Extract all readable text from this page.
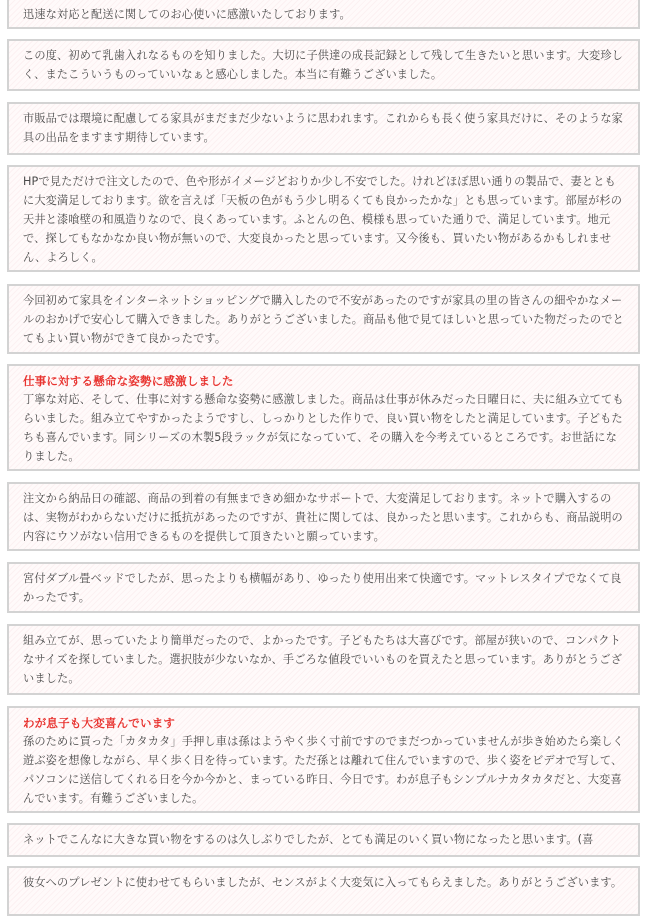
迅速な対応と配送に関してのお心使いに感激いたしております。
この度、初めて乳歯入れなるものを知りました。大切に子供達の成長記録として残して生きたいと思います。大変珍しく、またこういうものっていいなぁと感心しました。本当に有難うございました。
市販品では環境に配慮してる家具がまだまだ少ないように思われます。これからも長く使う家具だけに、そのような家具の出品をますます期待しています。
HPで見ただけで注文したので、色や形がイメージどおりか少し不安でした。けれどほぼ思い通りの製品で、妻とともに大変満足しております。欲を言えば「天板の色がもう少し明るくても良かったかな」とも思っています。部屋が杉の天井と漆喰壁の和風造りなので、良くあっています。ふとんの色、模様も思っていた通りで、満足しています。地元で、探してもなかなか良い物が無いので、大変良かったと思っています。又今後も、買いたい物があるかもしれません、よろしく。
今回初めて家具をインターネットショッピングで購入したので不安があったのですが家具の里の皆さんの細やかなメールのおかげで安心して購入できました。ありがとうございました。商品も他で見てほしいと思っていた物だったのでとてもよい買い物ができて良かったです。
仕事に対する懸命な姿勢に感激しました
丁寧な対応、そして、仕事に対する懸命な姿勢に感激しました。商品は仕事が休みだった日曜日に、夫に組み立ててもらいました。組み立てやすかったようですし、しっかりとした作りで、良い買い物をしたと満足しています。子どもたちも喜んでいます。同シリーズの木製5段ラックが気になっていて、その購入を今考えているところです。お世話になりました。
注文から納品日の確認、商品の到着の有無まできめ細かなサポートで、大変満足しております。ネットで購入するのは、実物がわからないだけに抵抗があったのですが、貴社に関しては、良かったと思います。これからも、商品説明の内容にウソがない信用できるものを提供して頂きたいと願っています。
宮付ダブル畳ベッドでしたが、思ったよりも横幅があり、ゆったり使用出来て快適です。マットレスタイプでなくて良かったです。
組み立てが、思っていたより簡単だったので、よかったです。子どもたちは大喜びです。部屋が狭いので、コンパクトなサイズを探していました。選択肢が少ないなか、手ごろな値段でいいものを買えたと思っています。ありがとうございました。
わが息子も大変喜んでいます
孫のために買った「カタカタ」手押し車は孫はようやく歩く寸前ですのでまだつかっていませんが歩き始めたら楽しく遊ぶ姿を想像しながら、早く歩く日を待っています。ただ孫とは離れて住んでいますので、歩く姿をビデオで写して、パソコンに送信してくれる日を今か今かと、まっている昨日、今日です。わが息子もシンプルナカタカタだと、大変喜んでいます。有難うございました。
ネットでこんなに大きな買い物をするのは久しぶりでしたが、とても満足のいく買い物になったと思います。(喜
彼女へのプレゼントに使わせてもらいましたが、センスがよく大変気に入ってもらえました。ありがとうございます。
